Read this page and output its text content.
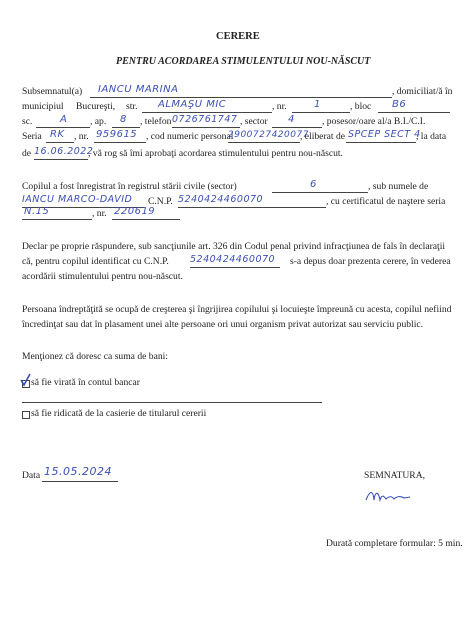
CERERE
PENTRU ACORDAREA STIMULENTULUI NOU-NĂSCUT
Subsemnatul(a) IANCU MARINA	, domiciliat/ă în
municipiul Bucureşti, str. ALMAŞU MIC	, nr.	1	, bloc B6
sc.	A , ap. 8 , telefon 0726761747 , sector 4	, posesor/oare al/a B.I./C.I.
Seria RK , nr. 959615 , cod numeric personal
2900727420077
, eliberat de SPCEP SECT 4
, la data
de 16.06.2022
, vă rog să îmi aprobaţi acordarea stimulentului pentru nou-născut.
Copilul a fost înregistrat în registrul stării civile (sector)	6	, sub numele de
IANCU MARCO-DAVID C.N.P. 5240424460070	, cu certificatul de naştere seria
N.15	, nr. 220619
Declar pe proprie răspundere, sub sancţiunile art. 326 din Codul penal privind infracţiunea de fals în declaraţii
că, pentru copilul identificat cu C.N.P. 5240424460070 s-a depus doar prezenta cerere, în vederea
acordării stimulentului pentru nou-născut.
Persoana îndreptăţită se ocupă de creşterea şi îngrijirea copilului şi locuieşte împreună cu acesta, copilul nefiind
încredinţat sau dat în plasament unei alte persoane ori unui organism privat autorizat sau serviciu public.
Menţionez că doresc ca suma de bani:
să fie virată în contul bancar
să fie ridicată de la casierie de titularul cererii
Data 15.05.2024	SEMNATURA,
Durată completare formular: 5 min.
